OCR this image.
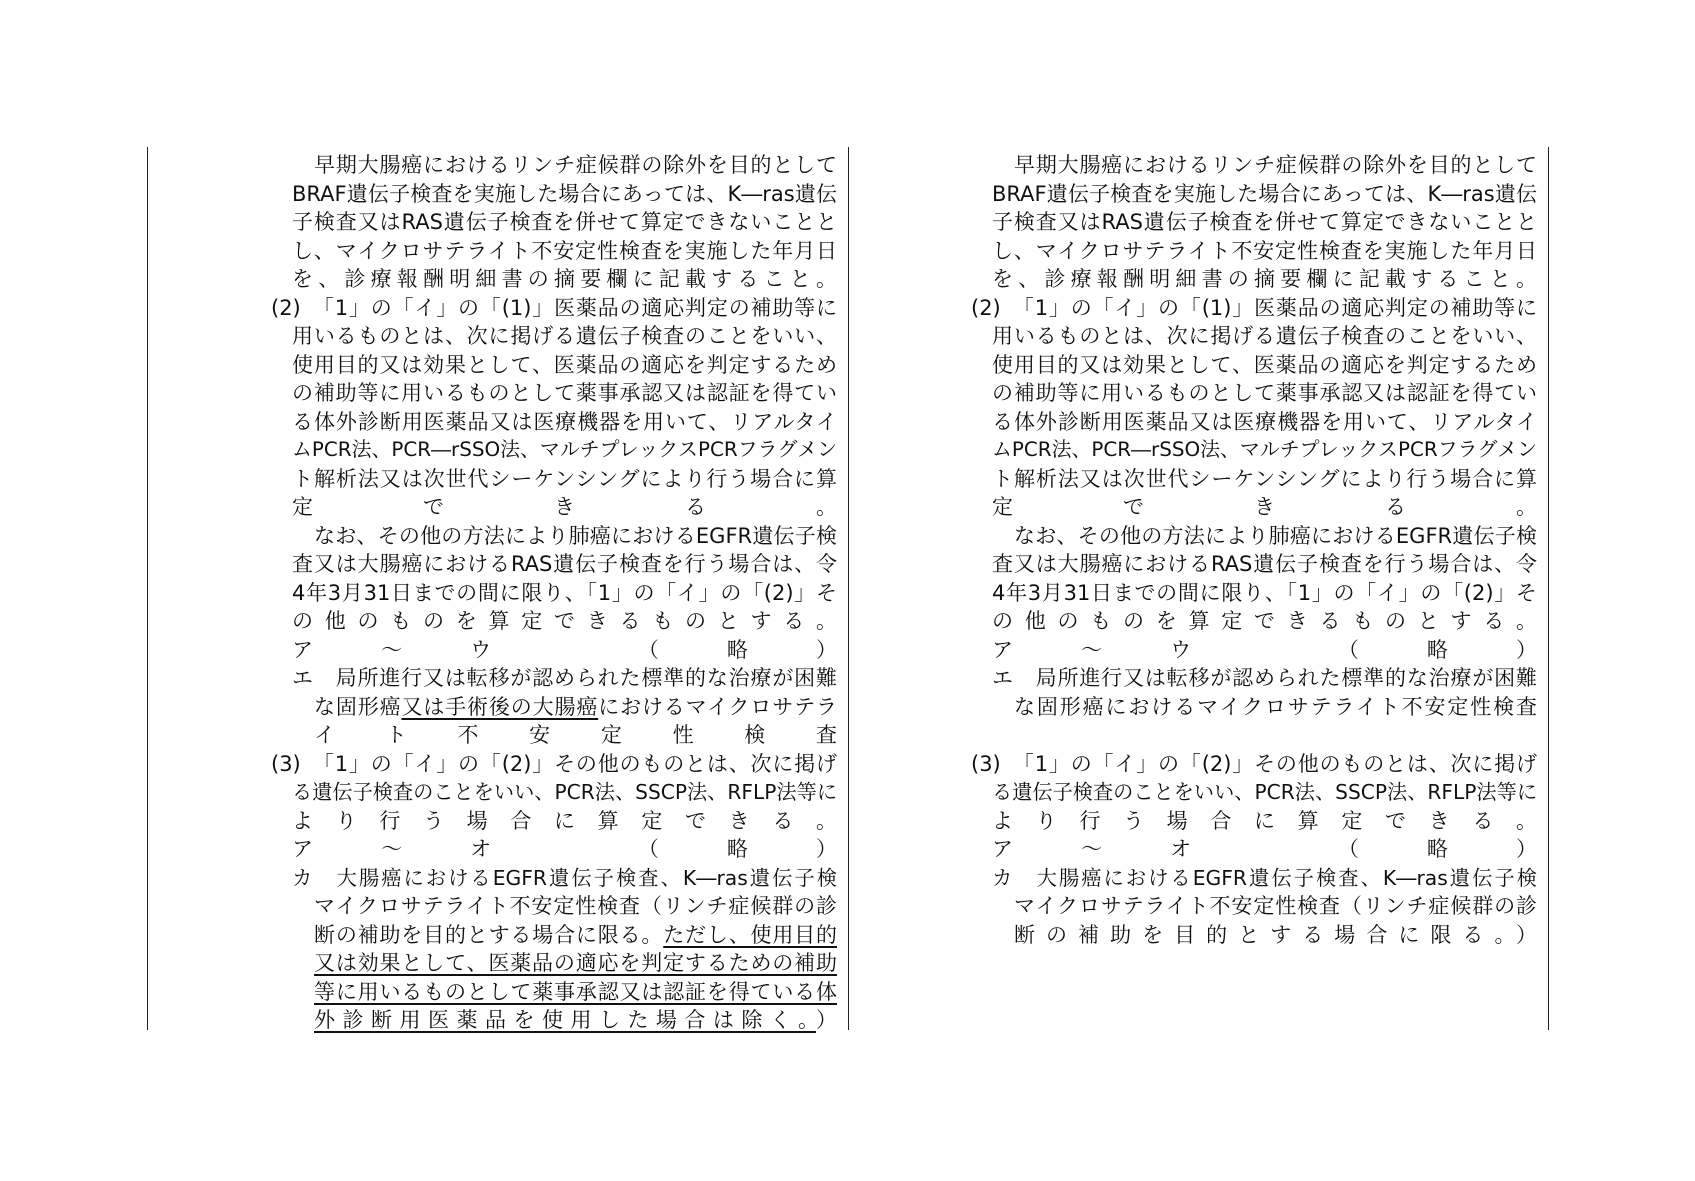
早期大腸癌におけるリンチ症候群の除外を目的として
BRAF遺伝子検査を実施した場合にあっては、K―ras遺伝
子検査又はRAS遺伝子検査を併せて算定できないことと
し、マイクロサテライト不安定性検査を実施した年月日
を、診療報酬明細書の摘要欄に記載すること。
(2)　「1」の「イ」の「(1)」医薬品の適応判定の補助等に
用いるものとは、次に掲げる遺伝子検査のことをいい、
使用目的又は効果として、医薬品の適応を判定するため
の補助等に用いるものとして薬事承認又は認証を得てい
る体外診断用医薬品又は医療機器を用いて、リアルタイ
ムPCR法、PCR―rSSO法、マルチプレックスPCRフラグメン
ト解析法又は次世代シーケンシングにより行う場合に算
定できる。
なお、その他の方法により肺癌におけるEGFR遺伝子検
査又は大腸癌におけるRAS遺伝子検査を行う場合は、令
4年3月31日までの間に限り、「1」の「イ」の「(2)」そ
の他のものを算定できるものとする。
ア～ウ　（略）
エ　局所進行又は転移が認められた標準的な治療が困難
な固形癌又は手術後の大腸癌におけるマイクロサテラ
イト不安定性検査
(3)　「1」の「イ」の「(2)」その他のものとは、次に掲げ
る遺伝子検査のことをいい、PCR法、SSCP法、RFLP法等に
より行う場合に算定できる。
ア～オ　（略）
カ　大腸癌におけるEGFR遺伝子検査、K―ras遺伝子検
マイクロサテライト不安定性検査（リンチ症候群の診
断の補助を目的とする場合に限る。ただし、使用目的
又は効果として、医薬品の適応を判定するための補助
等に用いるものとして薬事承認又は認証を得ている体
外診断用医薬品を使用した場合は除く。）
早期大腸癌におけるリンチ症候群の除外を目的として
BRAF遺伝子検査を実施した場合にあっては、K―ras遺伝
子検査又はRAS遺伝子検査を併せて算定できないことと
し、マイクロサテライト不安定性検査を実施した年月日
を、診療報酬明細書の摘要欄に記載すること。
(2)　「1」の「イ」の「(1)」医薬品の適応判定の補助等に
用いるものとは、次に掲げる遺伝子検査のことをいい、
使用目的又は効果として、医薬品の適応を判定するため
の補助等に用いるものとして薬事承認又は認証を得てい
る体外診断用医薬品又は医療機器を用いて、リアルタイ
ムPCR法、PCR―rSSO法、マルチプレックスPCRフラグメン
ト解析法又は次世代シーケンシングにより行う場合に算
定できる。
なお、その他の方法により肺癌におけるEGFR遺伝子検
査又は大腸癌におけるRAS遺伝子検査を行う場合は、令
4年3月31日までの間に限り、「1」の「イ」の「(2)」そ
の他のものを算定できるものとする。
ア～ウ　（略）
エ　局所進行又は転移が認められた標準的な治療が困難
な固形癌におけるマイクロサテライト不安定性検査
(3)　「1」の「イ」の「(2)」その他のものとは、次に掲げ
る遺伝子検査のことをいい、PCR法、SSCP法、RFLP法等に
より行う場合に算定できる。
ア～オ　（略）
カ　大腸癌におけるEGFR遺伝子検査、K―ras遺伝子検
マイクロサテライト不安定性検査（リンチ症候群の診
断の補助を目的とする場合に限る。）
